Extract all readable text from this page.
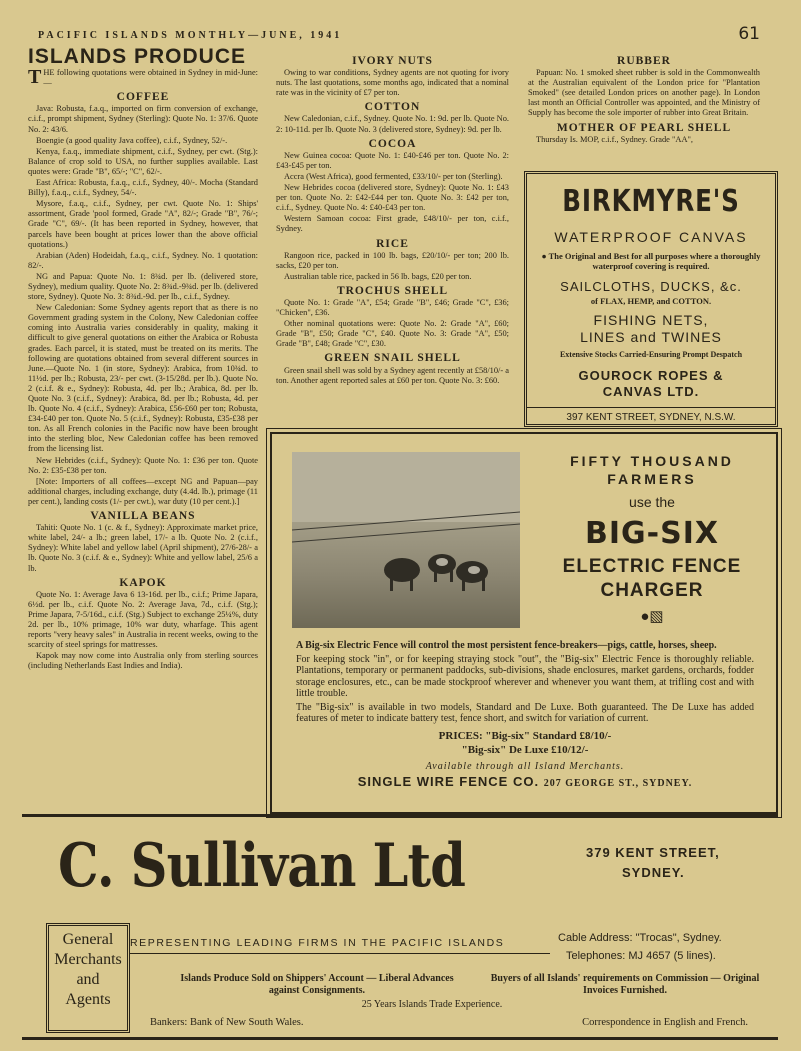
PACIFIC ISLANDS MONTHLY—JUNE, 1941	61
ISLANDS PRODUCE

THE following quotations were obtained in Sydney in mid-June:—

COFFEE

Java: Robusta, f.a.q., imported on firm conversion of exchange, c.i.f., prompt shipment, Sydney (Sterling): Quote No. 1: 37/6. Quote No. 2: 43/6.

Boengie (a good quality Java coffee), c.i.f., Sydney, 52/-.

Kenya, f.a.q., immediate shipment, c.i.f., Sydney, per cwt. (Stg.): Balance of crop sold to USA, no further supplies available. Last quotes were: Grade "B", 65/-; "C", 62/-.

East Africa: Robusta, f.a.q., c.i.f., Sydney, 40/-. Mocha (Standard Billy), f.a.q., c.i.f., Sydney, 54/-.

Mysore, f.a.q., c.i.f., Sydney, per cwt. Quote No. 1: Ships' assortment, Grade 'pool formed, Grade "A", 82/-; Grade "B", 76/-; Grade "C", 69/-. (It has been reported in Sydney, however, that parcels have been bought at prices lower than the above official quotations.)

Arabian (Aden) Hodeidah, f.a.q., c.i.f., Sydney. No. 1 quotation: 82/-.

NG and Papua: Quote No. 1: 8¾d. per lb. (delivered store, Sydney), medium quality. Quote No. 2: 8¾d.-9¾d. per lb. (delivered store, Sydney). Quote No. 3: 8¾d.-9d. per lb., c.i.f., Sydney.

New Caledonian: Some Sydney agents report that as there is no Government grading system in the Colony, New Caledonian coffee coming into Australia varies considerably in quality, making it difficult to give general quotations on either the Arabica or Robusta grades. Each parcel, it is stated, must be treated on its merits. The following are quotations obtained from several different sources in June.—Quote No. 1 (in store, Sydney): Arabica, from 10¾d. to 11½d. per lb.; Robusta, 23/- per cwt. (3-15/28d. per lb.). Quote No. 2 (c.i.f. & e., Sydney): Robusta, 4d. per lb.; Arabica, 8d. per lb. Quote No. 3 (c.i.f., Sydney): Arabica, 8d. per lb.; Robusta, 4d. per lb. Quote No. 4 (c.i.f., Sydney): Arabica, £56-£60 per ton; Robusta, £34-£40 per ton. Quote No. 5 (c.i.f., Sydney): Robusta, £35-£38 per ton. As all French colonies in the Pacific now have been brought into the sterling bloc, New Caledonian coffee has been removed from the licensing list.

New Hebrides (c.i.f., Sydney): Quote No. 1: £36 per ton. Quote No. 2: £35-£38 per ton.

[Note: Importers of all coffees—except NG and Papuan—pay additional charges, including exchange, duty (4.4d. lb.), primage (11 per cent.), landing costs (1/- per cwt.), war duty (10 per cent.).]

VANILLA BEANS

Tahiti: Quote No. 1 (c. & f., Sydney): Approximate market price, white label, 24/- a lb.; green label, 17/- a lb. Quote No. 2 (c.i.f., Sydney): White label and yellow label (April shipment), 27/6-28/- a lb. Quote No. 3 (c.i.f. & e., Sydney): White and yellow label, 25/6 a lb.

KAPOK

Quote No. 1: Average Java 6 13-16d. per lb., c.i.f.; Prime Japara, 6½d. per lb., c.i.f. Quote No. 2: Average Java, 7d., c.i.f. (Stg.); Prime Japara, 7-5/16d., c.i.f. (Stg.) Subject to exchange 25¼%, duty 2d. per lb., 10% primage, 10% war duty, wharfage. This agent reports "very heavy sales" in Australia in recent weeks, owing to the scarcity of steel springs for mattresses.

Kapok may now come into Australia only from sterling sources (including Netherlands East Indies and India).

IVORY NUTS

Owing to war conditions, Sydney agents are not quoting for ivory nuts. The last quotations, some months ago, indicated that a nominal rate was in the vicinity of £7 per ton.

COTTON

New Caledonian, c.i.f., Sydney. Quote No. 1: 9d. per lb. Quote No. 2: 10-11d. per lb. Quote No. 3 (delivered store, Sydney): 9d. per lb.

COCOA

New Guinea cocoa: Quote No. 1: £40-£46 per ton. Quote No. 2: £43-£45 per ton.

Accra (West Africa), good fermented, £33/10/- per ton (Sterling).

New Hebrides cocoa (delivered store, Sydney): Quote No. 1: £43 per ton. Quote No. 2: £42-£44 per ton. Quote No. 3: £42 per ton, c.i.f., Sydney. Quote No. 4: £40-£43 per ton.

Western Samoan cocoa: First grade, £48/10/- per ton, c.i.f., Sydney.

RICE

Rangoon rice, packed in 100 lb. bags, £20/10/- per ton; 200 lb. sacks, £20 per ton.

Australian table rice, packed in 56 lb. bags, £20 per ton.

TROCHUS SHELL

Quote No. 1: Grade "A", £54; Grade "B", £46; Grade "C", £36; "Chicken", £36.

Other nominal quotations were: Quote No. 2: Grade "A", £60; Grade "B", £50; Grade "C", £40. Quote No. 3: Grade "A", £50; Grade "B", £48; Grade "C", £30.

GREEN SNAIL SHELL

Green snail shell was sold by a Sydney agent recently at £58/10/- a ton. Another agent reported sales at £60 per ton. Quote No. 3: £60.

RUBBER

Papuan: No. 1 smoked sheet rubber is sold in the Commonwealth at the Australian equivalent of the London price for "Plantation Smoked" (see detailed London prices on another page). In London last month an Official Controller was appointed, and the Ministry of Supply has become the sole importer of rubber into Great Britain.

MOTHER OF PEARL SHELL

Thursday Is. MOP, c.i.f., Sydney. Grade "AA",

BIRKMYRE'S
WATERPROOF CANVAS
● The Original and Best for all purposes where a thoroughly waterproof covering is required.
SAILCLOTHS, DUCKS, &c.
of FLAX, HEMP, and COTTON.
FISHING NETS,
LINES and TWINES
Extensive Stocks Carried-Ensuring Prompt Despatch
GOUROCK ROPES &
CANVAS LTD.
397 KENT STREET, SYDNEY, N.S.W.
FIFTY THOUSAND FARMERS
use the
BIG-SIX
ELECTRIC FENCE CHARGER
●▧

A Big-six Electric Fence will control the most persistent fence-breakers—pigs, cattle, horses, sheep.

For keeping stock "in", or for keeping straying stock "out", the "Big-six" Electric Fence is thoroughly reliable. Plantations, temporary or permanent paddocks, sub-divisions, shade enclosures, market gardens, orchards, fodder storage enclosures, etc., can be made stockproof wherever and whenever you want them, at trifling cost and with little trouble.

The "Big-six" is available in two models, Standard and De Luxe. Both guaranteed. The De Luxe has added features of meter to indicate battery test, fence short, and switch for variation of current.

PRICES: "Big-six" Standard £8/10/-
"Big-six" De Luxe £10/12/-
Available through all Island Merchants.
SINGLE WIRE FENCE CO. 207 GEORGE ST., SYDNEY.
C. Sullivan Ltd	379 KENT STREET,
SYDNEY.
General
Merchants
and
Agents
REPRESENTING LEADING FIRMS IN THE PACIFIC ISLANDS	Cable Address: "Trocas", Sydney.
Telephones: MJ 4657 (5 lines).
Islands Produce Sold on Shippers' Account — Liberal Advances against Consignments.
Buyers of all Islands' requirements on Commission — Original Invoices Furnished.
25 Years Islands Trade Experience.
Bankers: Bank of New South Wales.	Correspondence in English and French.
